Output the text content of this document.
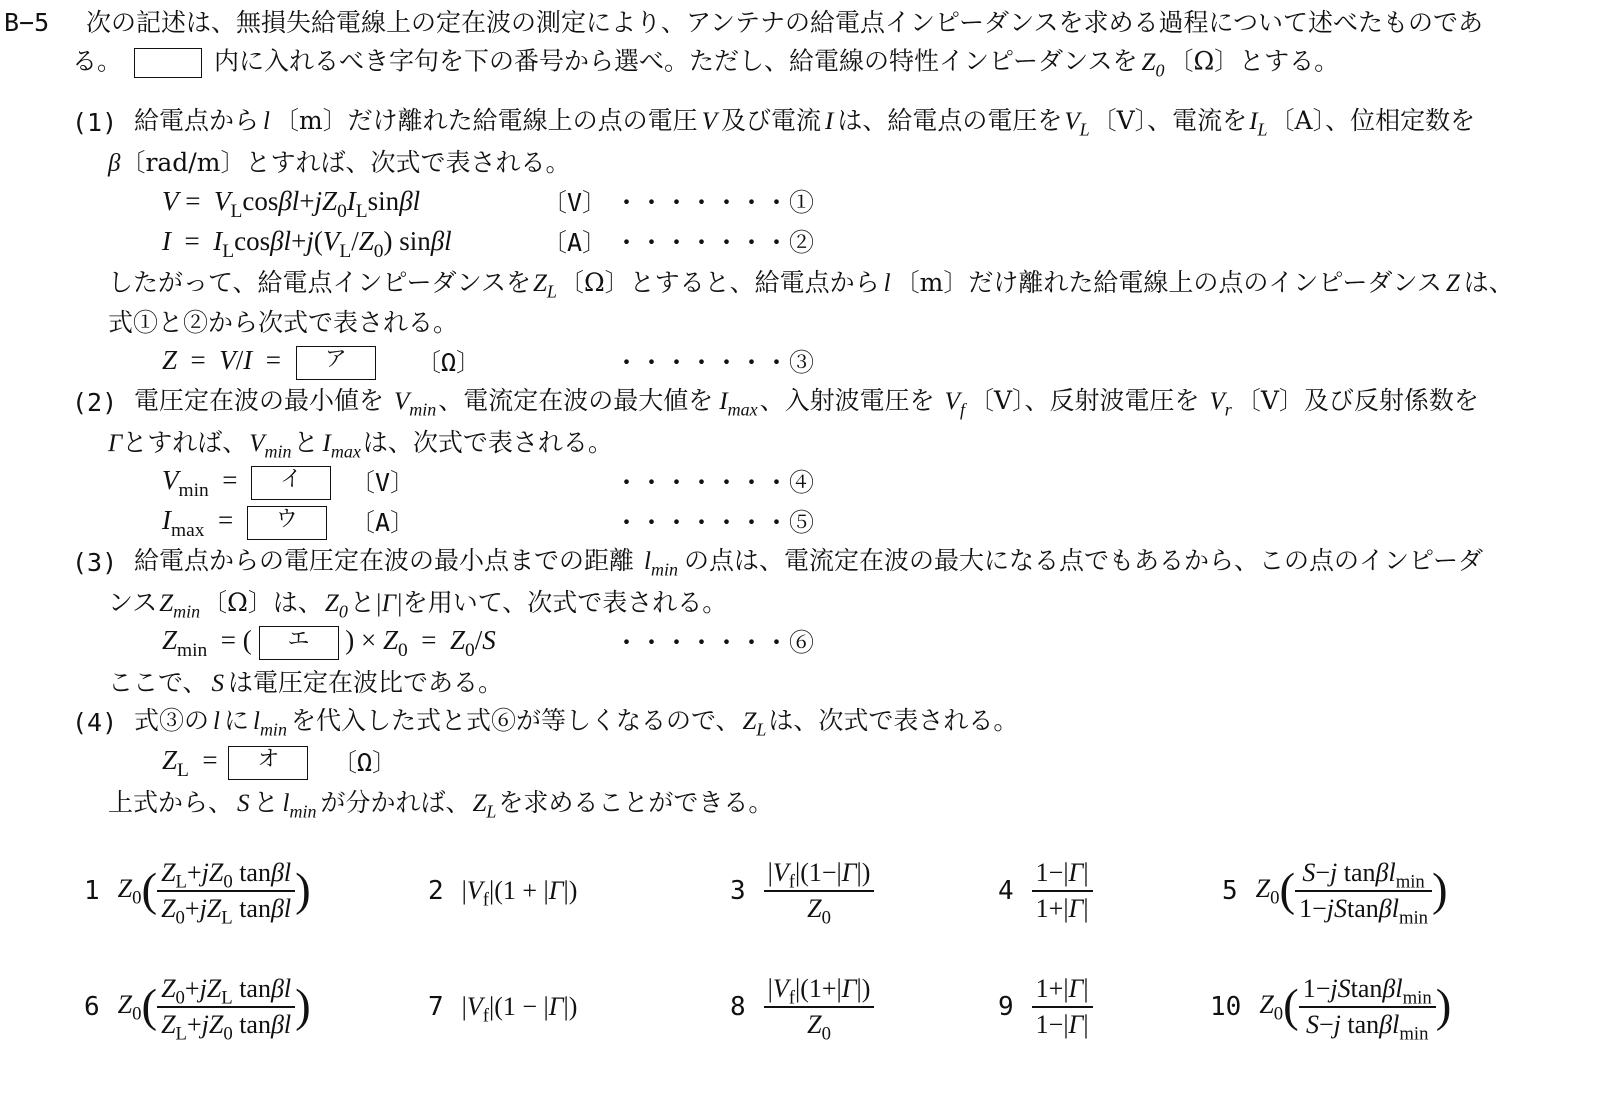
B−5 次の記述は、無損失給電線上の定在波の測定により、アンテナの給電点インピーダンスを求める過程について述べたものであ
る。	内に入れるべき字句を下の番号から選べ。ただし、給電線の特性インピーダンスを $Z_0$ 〔Ω〕とする。
(1) 給電点から l 〔m〕だけ離れた給電線上の点の電圧 V 及び電流 I は、給電点の電圧を$V_L$〔V〕、電流を$I_L$〔A〕、位相定数を
β〔rad/m〕とすれば、次式で表される。
$V = V_L\cos\beta l+jZ_0I_L\sin\beta l$	〔V〕 ・・・・・・・①
$I = I_L\cos\beta l+j(V_L/Z_0)$ sinβl	〔A〕 ・・・・・・・②
したがって、給電点インピーダンスを$Z_L$〔Ω〕とすると、給電点から l 〔m〕だけ離れた給電線上の点のインピーダンス Z は、
式①と②から次式で表される。
Z  =  V/I  = ア	〔Ω〕	・・・・・・・③
(2) 電圧定在波の最小値を $V_{min}$、電流定在波の最大値を $I_{max}$、入射波電圧を $V_f$ 〔V〕、反射波電圧を $V_r$ 〔V〕及び反射係数を
Γとすれば、$V_{min}$と $I_{max}$は、次式で表される。
$V_{min}$  =  イ	〔V〕	・・・・・・・④
$I_{max}$  =  ウ	〔A〕	・・・・・・・⑤
(3) 給電点からの電圧定在波の最小点までの距離 $l_{min}$ の点は、電流定在波の最大になる点でもあるから、この点のインピーダ
ンス$Z_{min}$〔Ω〕は、$Z_0$と|Γ|を用いて、次式で表される。
$Z_{min}$  = ( エ ) × $Z_0 = Z_0/S$	・・・・・・・⑥
ここで、 S は電圧定在波比である。
(4) 式③の l に $l_{min}$ を代入した式と式⑥が等しくなるので、$Z_L$は、次式で表される。
$Z_L$  = オ	〔Ω〕
上式から、 S と $l_{min}$ が分かれば、$Z_L$を求めることができる。
1 $Z_0( \frac{Z_L+jZ_0 \tan\beta l}{Z_0+jZ_L \tan\beta l}$ )	2 $|V_f|(1 + |\Gamma|)$	$3 \frac{|V_f|(1-|\Gamma|)}{Z_0}$	$4 \frac{1-|\Gamma|}{1+|\Gamma|}$	5 $Z_0( \frac{S-j \tan\beta l_{min}}{1-jStan\beta l_{min}}$ )
6 $Z_0( \frac{Z_0+jZ_L \tan\beta l}{Z_L+jZ_0 \tan\beta l}$ )	7 $|V_f|(1 - |\Gamma|)$	$8 \frac{|V_f|(1+|\Gamma|)}{Z_0}$	$9 \frac{1+|\Gamma|}{1-|\Gamma|}$	10 $Z_0( \frac{1-jStan\beta l_{min}}{S-j \tan\beta l_{min}}$ )
